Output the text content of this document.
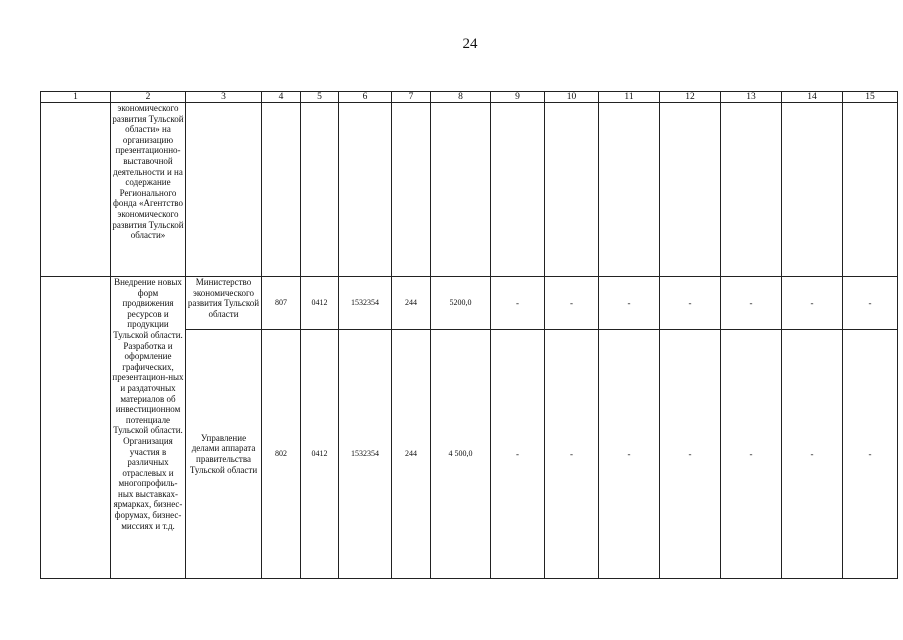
24
1	2	3	4	5	6	7	8	9	10	11	12	13	14	15
	экономического развития Тульской области» на организацию презентационно-выставочной деятельности и на содержание Регионального фонда «Агентство экономического развития Тульской области»													
	Внедрение новых форм продвижения ресурсов и продукции Тульской области. Разработка и оформление графических, презентацион-ных и раздаточных материалов об инвестиционном потенциале Тульской области. Организация участия в различных отраслевых и многопрофиль-ных выставках-ярмарках, бизнес-форумах, бизнес-миссиях и т.д.	Министерство экономического развития Тульской области	807	0412	1532354	244	5200,0	-	-	-	-	-	-	-
		Управление делами аппарата правительства Тульской области	802	0412	1532354	244	4 500,0	-	-	-	-	-	-	-
